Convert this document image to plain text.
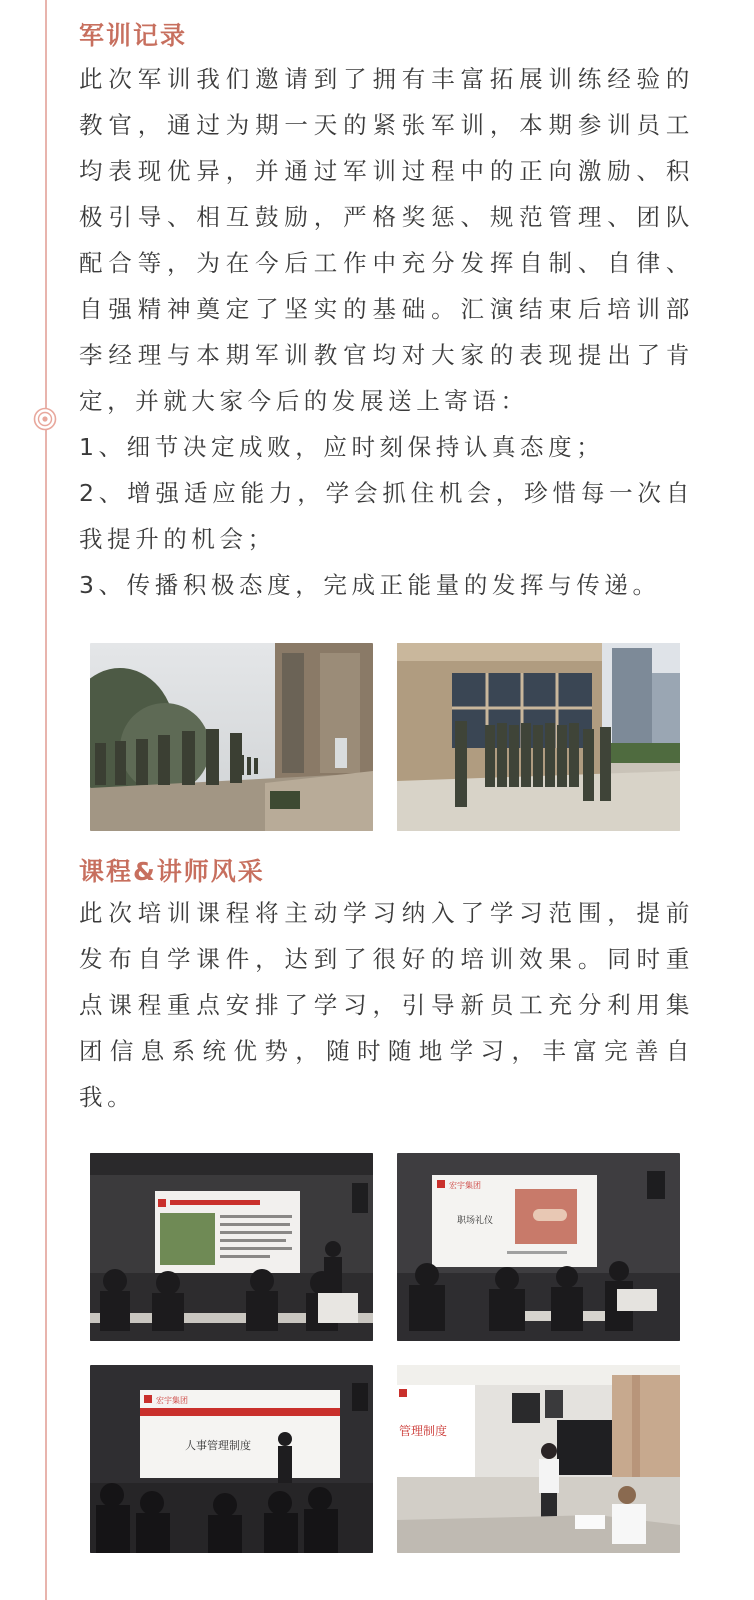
军训记录

此次军训我们邀请到了拥有丰富拓展训练经验的教官，通过为期一天的紧张军训，本期参训员工均表现优异，并通过军训过程中的正向激励、积极引导、相互鼓励，严格奖惩、规范管理、团队配合等，为在今后工作中充分发挥自制、自律、自强精神奠定了坚实的基础。汇演结束后培训部李经理与本期军训教官均对大家的表现提出了肯定，并就大家今后的发展送上寄语：

1、细节决定成败，应时刻保持认真态度；

2、增强适应能力，学会抓住机会，珍惜每一次自我提升的机会；

3、传播积极态度，完成正能量的发挥与传递。

课程&讲师风采

此次培训课程将主动学习纳入了学习范围，提前发布自学课件，达到了很好的培训效果。同时重点课程重点安排了学习，引导新员工充分利用集团信息系统优势，随时随地学习，丰富完善自我。

宏宇集团
职场礼仪
宏宇集团
人事管理制度
管理制度
